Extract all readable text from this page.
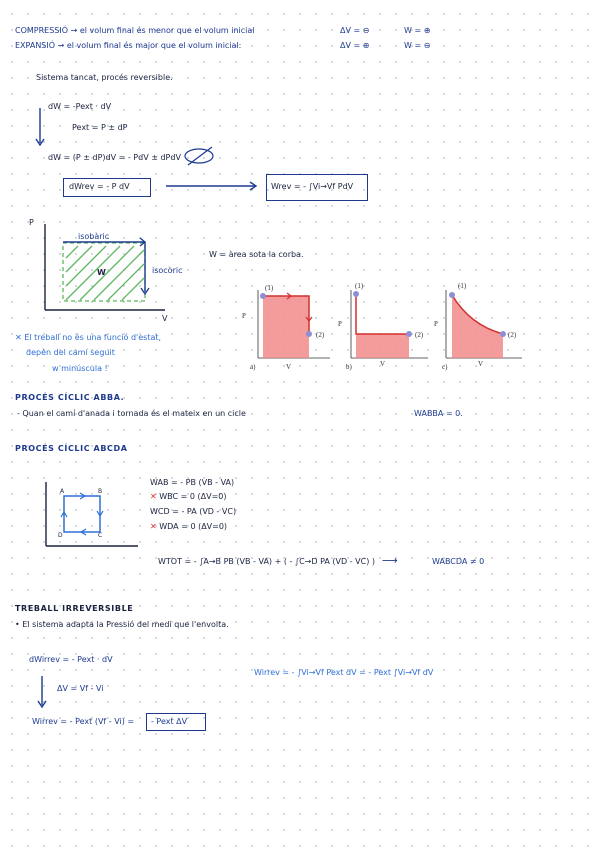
COMPRESSIÓ → el volum final és menor que el volum inicial	ΔV = ⊖	W = ⊕
EXPANSIÓ → el volum final és major que el volum inicial:	ΔV = ⊕	W = ⊖
Sistema tancat, procés reversible.
dW = -Pext · dV
Pext = P ± dP
dW = (P ± dP)dV = - PdV ± dPdV
dWrev = - P dV	Wrev = - ∫Vi→Vf PdV
P
V
isobàric
isocòric
W
W = àrea sota la corba.
✕ El treball no és una funció d'estat,
depèn del camí seguit
w minúscula !	a)
P
V
(1)
(2)
b)
P
V
(1)
(2)
c)
P
V
(1)
(2)
PROCÉS CÍCLIC ABBA.
- Quan el camí d'anada i tornada és el mateix en un cicle	WABBA = 0.
PROCÉS CÍCLIC ABCDA
A	B
C
D
WAB = - PB (VB - VA)
✕ WBC = 0 (ΔV=0)
WCD = - PA (VD - VC)
✕ WDA = 0 (ΔV=0)
WTOT = - ∫A→B PB (VB - VA) + ( - ∫C→D PA (VD - VC) ) ⟶	WABCDA ≠ 0
TREBALL IRREVERSIBLE
• El sistema adapta la Pressió del medi que l'envolta.
dWirrev = - Pext · dV
ΔV = Vf - Vi
Wirrev = - Pext (Vf - Vi) = - Pext ΔV
Wirrev = - ∫Vi→Vf Pext dV = - Pext ∫Vi→Vf dV
